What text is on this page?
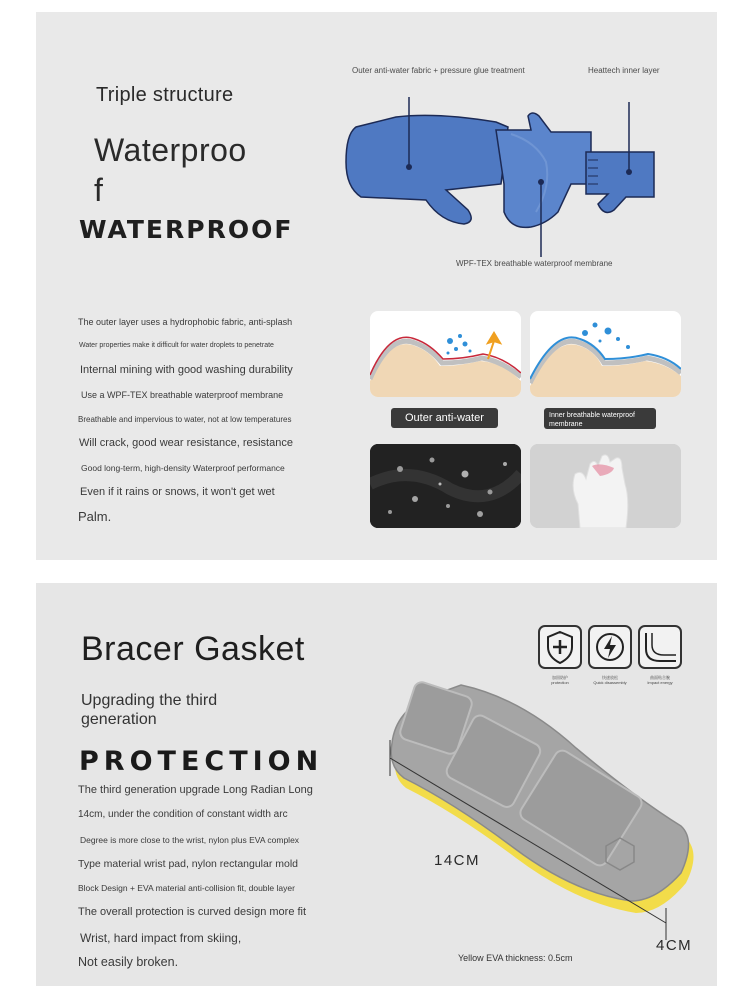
Triple structure
Waterproo
f
WATERPROOF
Outer anti-water fabric + pressure glue treatment	Heattech inner layer
WPF-TEX breathable waterproof membrane
The outer layer uses a hydrophobic fabric, anti-splash
Water properties make it difficult for water droplets to penetrate
Internal mining with good washing durability
Use a WPF-TEX breathable waterproof membrane
Breathable and impervious to water, not at low temperatures
Will crack, good wear resistance, resistance
Good long-term, high-density Waterproof performance
Even if it rains or snows, it won't get wet
Palm.
Outer anti-water	Inner breathable waterproof membrane
Bracer Gasket
Upgrading the third generation
PROTECTION
The third generation upgrade Long Radian Long
14cm, under the condition of constant width arc
Degree is more close to the wrist, nylon plus EVA complex
Type material wrist pad, nylon rectangular mold
Block Design + EVA material anti-collision fit, double layer
The overall protection is curved design more fit
Wrist, hard impact from skiing,
Not easily broken.
加固防护
protection
快速放松
Quick disassembly
曲面贴合腕
Impact energy
14CM
4CM
Yellow EVA thickness: 0.5cm
